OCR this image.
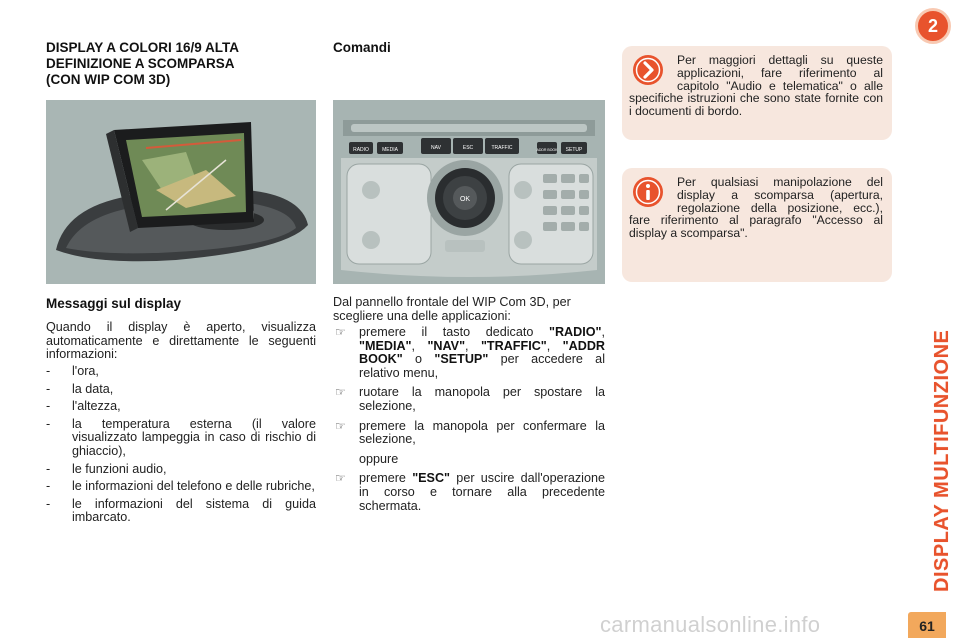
DISPLAY A COLORI 16/9 ALTA
DEFINIZIONE A SCOMPARSA
(CON WIP COM 3D)
Messaggi sul display

Quando il display è aperto, visualizza automaticamente e direttamente le seguenti informazioni:

- l'ora,
- la data,
- l'altezza,
- la temperatura esterna (il valore visualizzato lampeggia in caso di rischio di ghiaccio),
- le funzioni audio,
- le informazioni del telefono e delle rubriche,
- le informazioni del sistema di guida imbarcato.
Comandi
RADIO	MEDIA	NAV	ESC	TRAFFIC	ADDR BOOK SETUP
OK

Dal pannello frontale del WIP Com 3D, per scegliere una delle applicazioni:

☞ premere il tasto dedicato "RADIO", "MEDIA", "NAV", "TRAFFIC", "ADDR BOOK" o "SETUP" per accedere al relativo menu,
☞ ruotare la manopola per spostare la selezione,
☞ premere la manopola per confermare la selezione,
oppure
☞ premere "ESC" per uscire dall'operazione in corso e tornare alla precedente schermata.
Per maggiori dettagli su queste applicazioni, fare riferimento al capitolo "Audio e telematica" o alle specifiche istruzioni che sono state fornite con i documenti di bordo.
Per qualsiasi manipolazione del display a scomparsa (apertura, regolazione della posizione, ecc.), fare riferimento al paragrafo "Accesso al display a scomparsa".
2
DISPLAY MULTIFUNZIONE
61
carmanualsonline.info
